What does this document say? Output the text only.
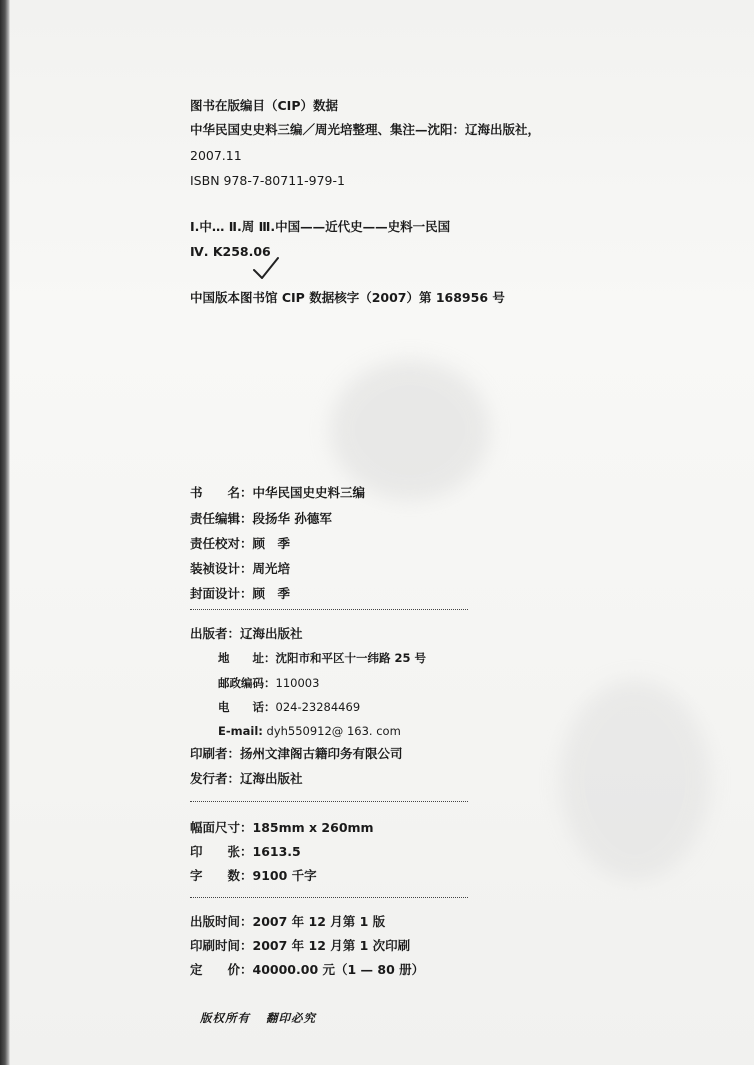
图书在版编目（CIP）数据
中华民国史史料三编／周光培整理、集注—沈阳：辽海出版社，
2007.11
ISBN 978-7-80711-979-1
Ⅰ.中… Ⅱ.周 Ⅲ.中国——近代史——史料一民国
Ⅳ. K258.06
中国版本图书馆 CIP 数据核字（2007）第 168956 号
书　　名：中华民国史史料三编
责任编辑：段扬华 孙德军
责任校对：顾　季
装祯设计：周光培
封面设计：顾　季
出版者：辽海出版社
地　　址：沈阳市和平区十一纬路 25 号
邮政编码：110003
电　　话：024-23284469
E-mail: dyh550912@ 163. com
印刷者：扬州文津阁古籍印务有限公司
发行者：辽海出版社
幅面尺寸：185mm x 260mm
印　　张：1613.5
字　　数：9100 千字
出版时间：2007 年 12 月第 1 版
印刷时间：2007 年 12 月第 1 次印刷
定　　价：40000.00 元（1 — 80 册）
版权所有 翻印必究
